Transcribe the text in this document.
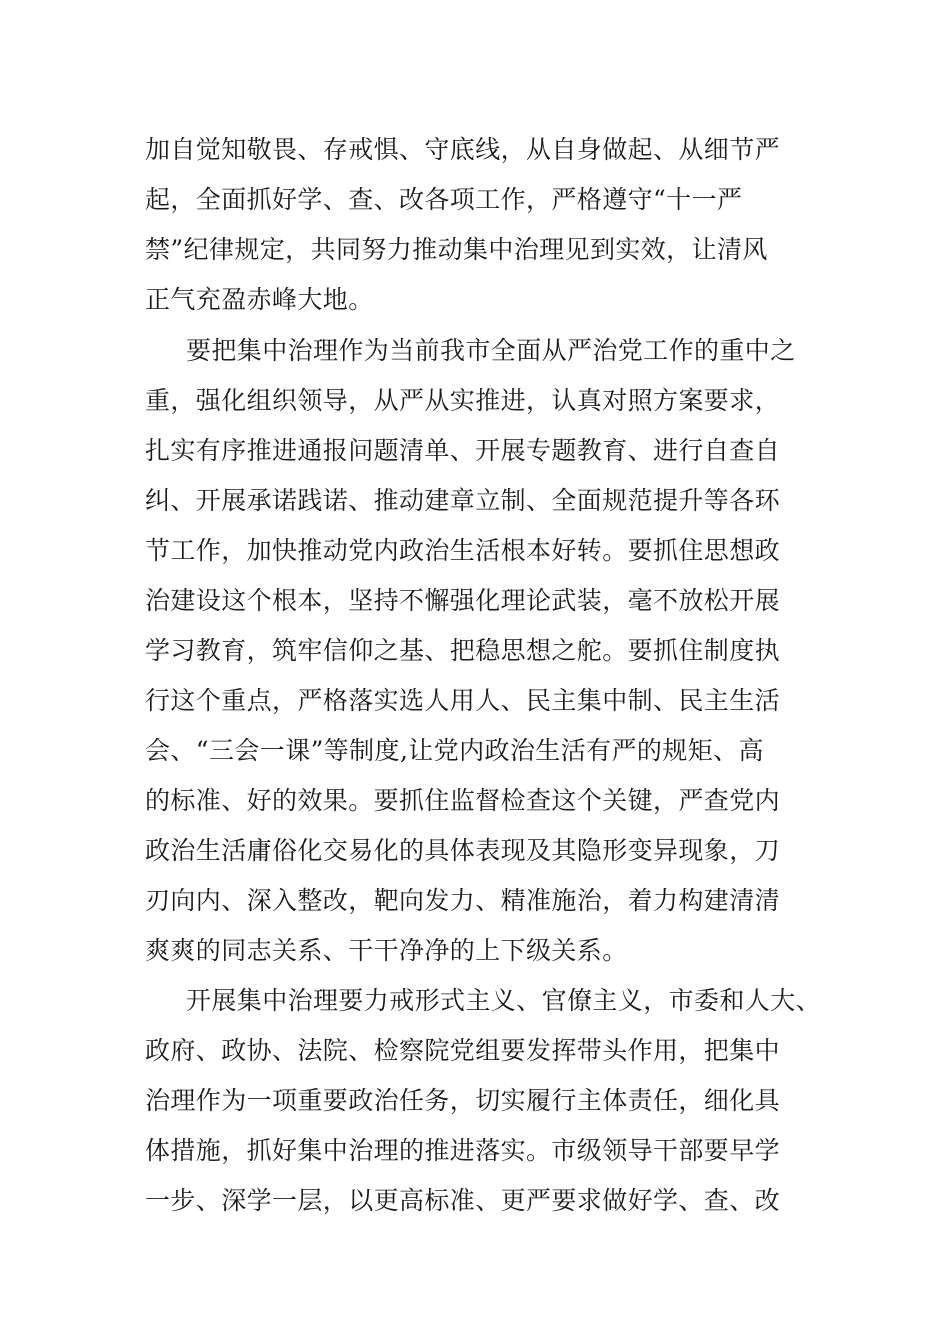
加自觉知敬畏、存戒惧、守底线，从自身做起、从细节严
起，全面抓好学、查、改各项工作，严格遵守“十一严
禁”纪律规定，共同努力推动集中治理见到实效，让清风
正气充盈赤峰大地。
要把集中治理作为当前我市全面从严治党工作的重中之
重，强化组织领导，从严从实推进，认真对照方案要求，
扎实有序推进通报问题清单、开展专题教育、进行自查自
纠、开展承诺践诺、推动建章立制、全面规范提升等各环
节工作，加快推动党内政治生活根本好转。要抓住思想政
治建设这个根本，坚持不懈强化理论武装，毫不放松开展
学习教育，筑牢信仰之基、把稳思想之舵。要抓住制度执
行这个重点，严格落实选人用人、民主集中制、民主生活
会、“三会一课”等制度,让党内政治生活有严的规矩、高
的标准、好的效果。要抓住监督检查这个关键，严查党内
政治生活庸俗化交易化的具体表现及其隐形变异现象，刀
刃向内、深入整改，靶向发力、精准施治，着力构建清清
爽爽的同志关系、干干净净的上下级关系。
开展集中治理要力戒形式主义、官僚主义，市委和人大、
政府、政协、法院、检察院党组要发挥带头作用，把集中
治理作为一项重要政治任务，切实履行主体责任，细化具
体措施，抓好集中治理的推进落实。市级领导干部要早学
一步、深学一层，以更高标准、更严要求做好学、查、改
